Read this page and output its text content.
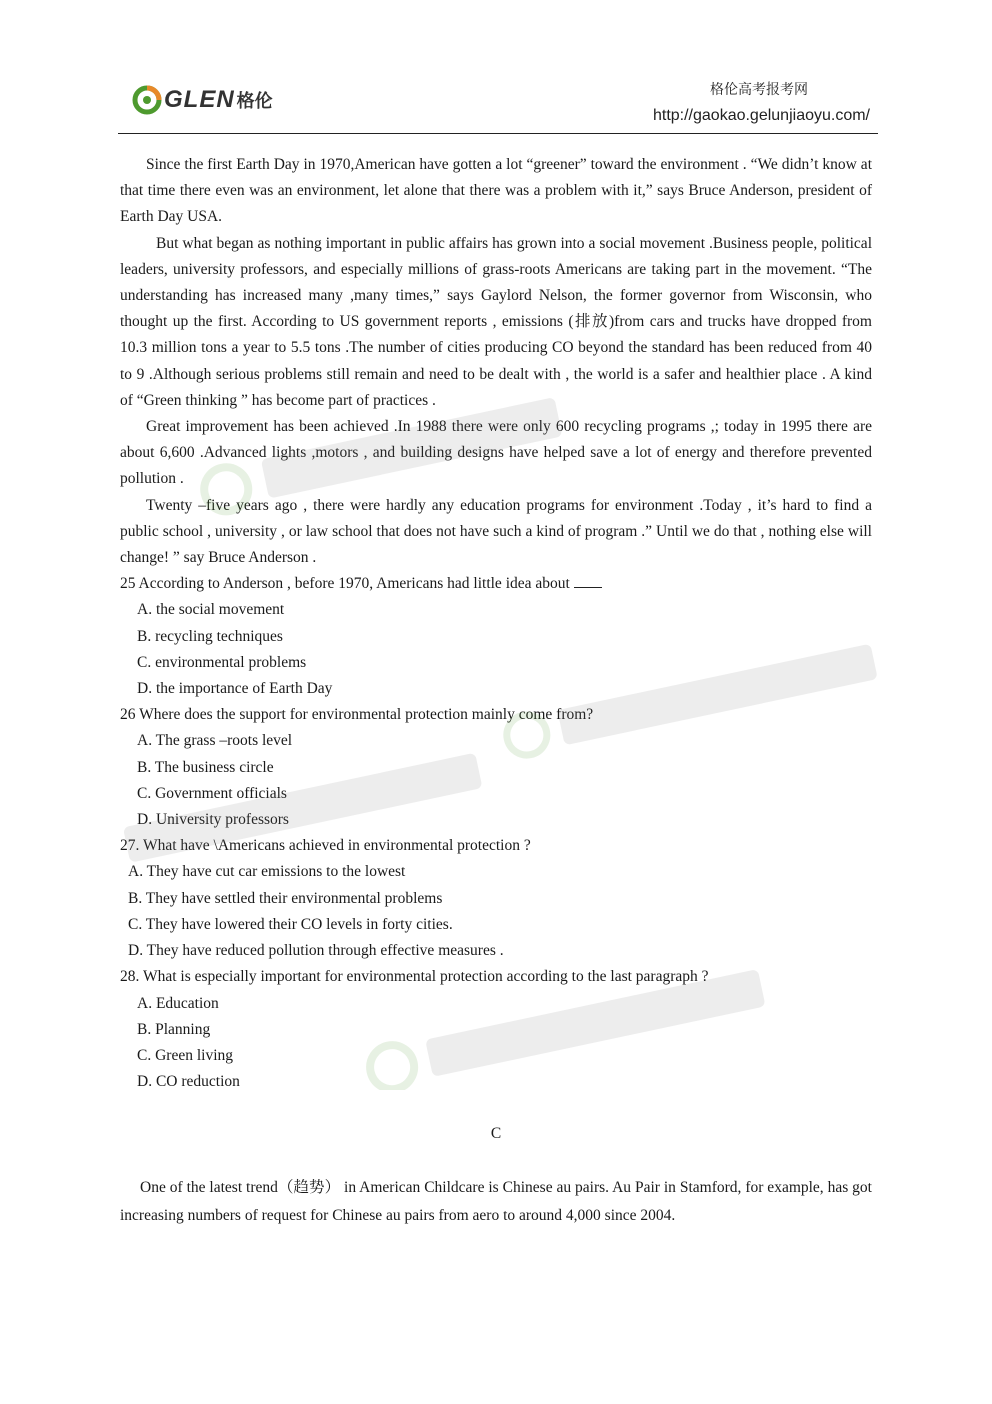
GLEN 格伦
格伦高考报考网
http://gaokao.gelunjiaoyu.com/

Since the first Earth Day in 1970,American have gotten a lot “greener” toward the environment . “We didn’t know at that time there even was an environment, let alone that there was a problem with it,” says Bruce Anderson, president of Earth Day USA.

But what began as nothing important in public affairs has grown into a social movement .Business people, political leaders, university professors, and especially millions of grass-roots Americans are taking part in the movement. “The understanding has increased many ,many times,” says Gaylord Nelson, the former governor from Wisconsin, who thought up the first. According to US government reports , emissions (排放)from cars and trucks have dropped from 10.3 million tons a year to 5.5 tons .The number of cities producing CO beyond the standard has been reduced from 40 to 9 .Although serious problems still remain and need to be dealt with , the world is a safer and healthier place . A kind of “Green thinking ” has become part of practices .

Great improvement has been achieved .In 1988 there were only 600 recycling programs ,; today in 1995 there are about 6,600 .Advanced lights ,motors , and building designs have helped save a lot of energy and therefore prevented pollution .

Twenty –five years ago , there were hardly any education programs for environment .Today , it’s hard to find a public school , university , or law school that does not have such a kind of program .” Until we do that , nothing else will change! ” say Bruce Anderson .

25 According to Anderson , before 1970, Americans had little idea about

A. the social movement

B. recycling techniques

C. environmental problems

D. the importance of Earth Day

26 Where does the support for environmental protection mainly come from?

A. The grass –roots level

B. The business circle

C. Government officials

D. University professors

27. What have \Americans achieved in environmental protection ?

A. They have cut car emissions to the lowest

B. They have settled their environmental problems

C. They have lowered their CO levels in forty cities.

D. They have reduced pollution through effective measures .

28. What is especially important for environmental protection according to the last paragraph ?

A. Education

B. Planning

C. Green living

D. CO reduction

C

One of the latest trend（趋势） in American Childcare is Chinese au pairs. Au Pair in Stamford, for example, has got increasing numbers of request for Chinese au pairs from aero to around 4,000 since 2004.
